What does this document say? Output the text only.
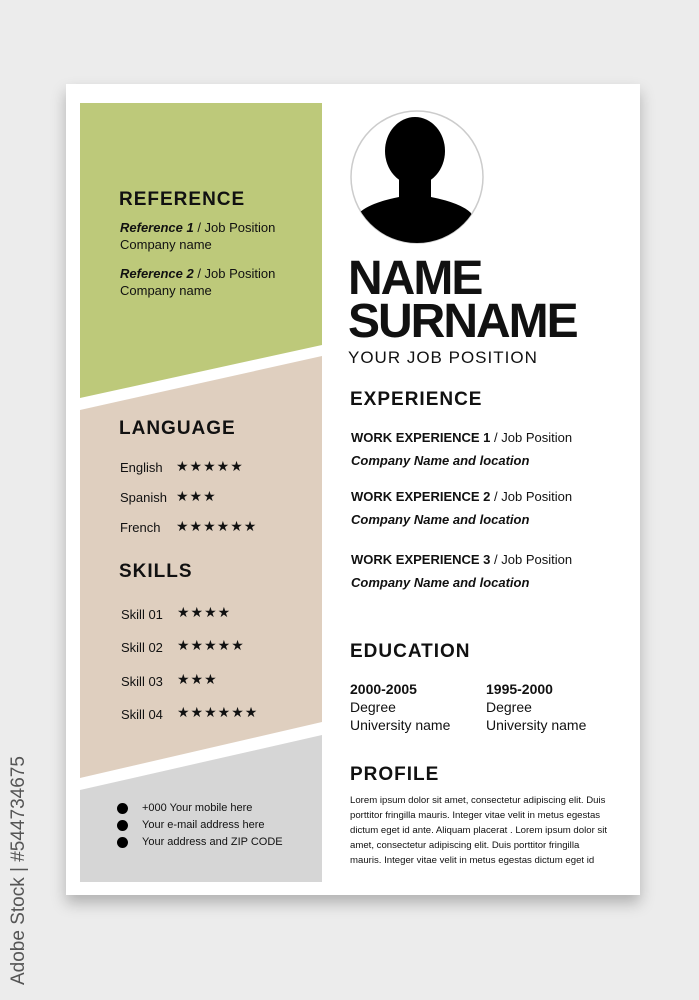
REFERENCE
Reference 1 / Job Position
Company name
Reference 2 / Job Position
Company name
LANGUAGE
English ★★★★★
Spanish ★★★
French ★★★★★★
SKILLS
Skill 01 ★★★★
Skill 02 ★★★★★
Skill 03 ★★★
Skill 04 ★★★★★★
+000 Your mobile here
Your e-mail address here
Your address and ZIP CODE
NAME
SURNAME
YOUR JOB POSITION
EXPERIENCE
WORK EXPERIENCE 1 / Job Position
Company Name and location
WORK EXPERIENCE 2 / Job Position
Company Name and location
WORK EXPERIENCE 3 / Job Position
Company Name and location
EDUCATION
2000-2005
Degree
University name
1995-2000
Degree
University name
PROFILE
Lorem ipsum dolor sit amet, consectetur adipiscing elit. Duis porttitor fringilla mauris. Integer vitae velit in metus egestas dictum eget id ante. Aliquam placerat . Lorem ipsum dolor sit amet, consectetur adipiscing elit. Duis porttitor fringilla mauris. Integer vitae velit in metus egestas dictum eget id
Adobe Stock | #544734675
